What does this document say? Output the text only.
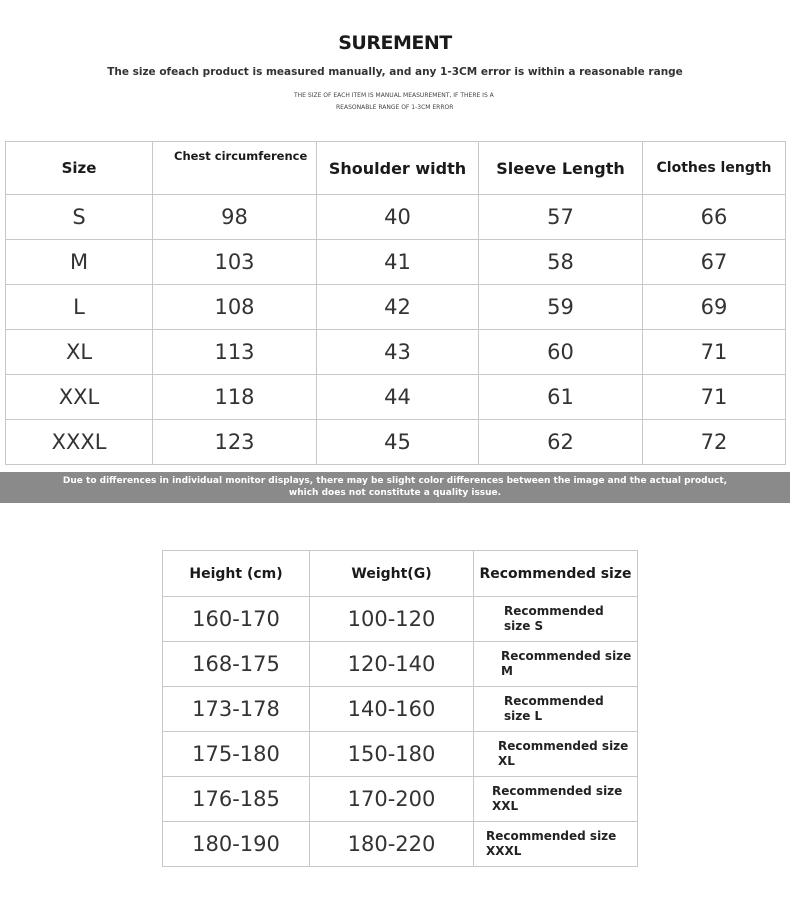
SUREMENT
The size ofeach product is measured manually, and any 1-3CM error is within a reasonable range
THE SIZE OF EACH ITEM IS MANUAL MEASUREMENT, IF THERE IS A
REASONABLE RANGE OF 1-3CM ERROR
Size	Chest circumference	Shoulder width	Sleeve Length	Clothes length
S	98	40	57	66
M	103	41	58	67
L	108	42	59	69
XL	113	43	60	71
XXL	118	44	61	71
XXXL	123	45	62	72
Due to differences in individual monitor displays, there may be slight color differences between the image and the actual product,
which does not constitute a quality issue.
Height (cm)	Weight(G)	Recommended size
160-170	100-120	Recommended size S
168-175	120-140	Recommended size M
173-178	140-160	Recommended size L
175-180	150-180	Recommended size XL
176-185	170-200	Recommended size XXL
180-190	180-220	Recommended size XXXL
